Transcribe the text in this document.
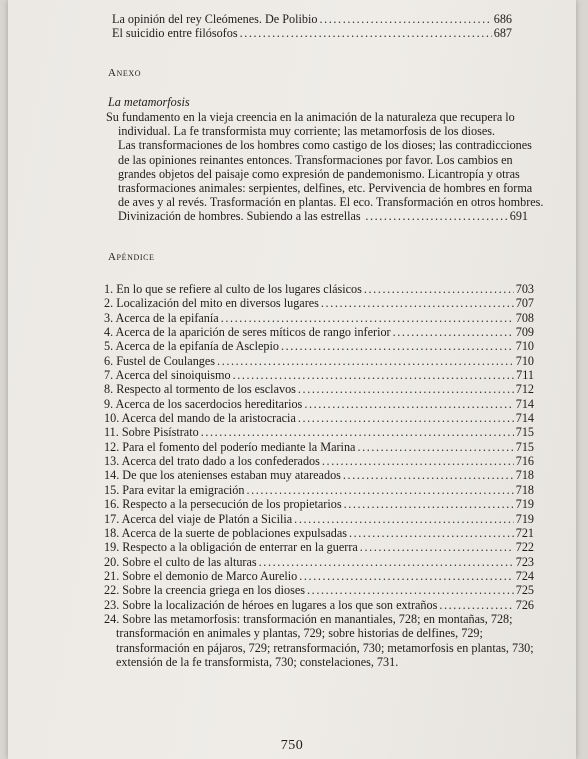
La opinión del rey Cleómenes. De Polibio .....	686
El suicidio entre filósofos .....	687
Anexo
La metamorfosis
Su fundamento en la vieja creencia en la animación de la naturaleza que recupera lo
individual. La fe transformista muy corriente; las metamorfosis de los dioses.
Las transformaciones de los hombres como castigo de los dioses; las contradicciones
de las opiniones reinantes entonces. Transformaciones por favor. Los cambios en
grandes objetos del paisaje como expresión de pandemonismo. Licantropía y otras
trasformaciones animales: serpientes, delfines, etc. Pervivencia de hombres en forma
de aves y al revés. Trasformación en plantas. El eco. Transformación en otros hombres.
Divinización de hombres. Subiendo a las estrellas .....	691
Apéndice
1. En lo que se refiere al culto de los lugares clásicos .....	703
2. Localización del mito en diversos lugares .....	707
3. Acerca de la epifanía .....	708
4. Acerca de la aparición de seres míticos de rango inferior .....	709
5. Acerca de la epifanía de Asclepio .....	710
6. Fustel de Coulanges .....	710
7. Acerca del sinoiquismo .....	711
8. Respecto al tormento de los esclavos .....	712
9. Acerca de los sacerdocios hereditarios .....	714
10. Acerca del mando de la aristocracia .....	714
11. Sobre Pisístrato .....	715
12. Para el fomento del poderío mediante la Marina .....	715
13. Acerca del trato dado a los confederados .....	716
14. De que los atenienses estaban muy atareados .....	718
15. Para evitar la emigración .....	718
16. Respecto a la persecución de los propietarios .....	719
17. Acerca del viaje de Platón a Sicilia .....	719
18. Acerca de la suerte de poblaciones expulsadas .....	721
19. Respecto a la obligación de enterrar en la guerra .....	722
20. Sobre el culto de las alturas .....	723
21. Sobre el demonio de Marco Aurelio .....	724
22. Sobre la creencia griega en los dioses .....	725
23. Sobre la localización de héroes en lugares a los que son extraños .....	726
24. Sobre las metamorfosis: transformación en manantiales, 728; en montañas, 728;
transformación en animales y plantas, 729; sobre historias de delfines, 729;
transformación en pájaros, 729; retransformación, 730; metamorfosis en plantas, 730;
extensión de la fe transformista, 730; constelaciones, 731.
750
